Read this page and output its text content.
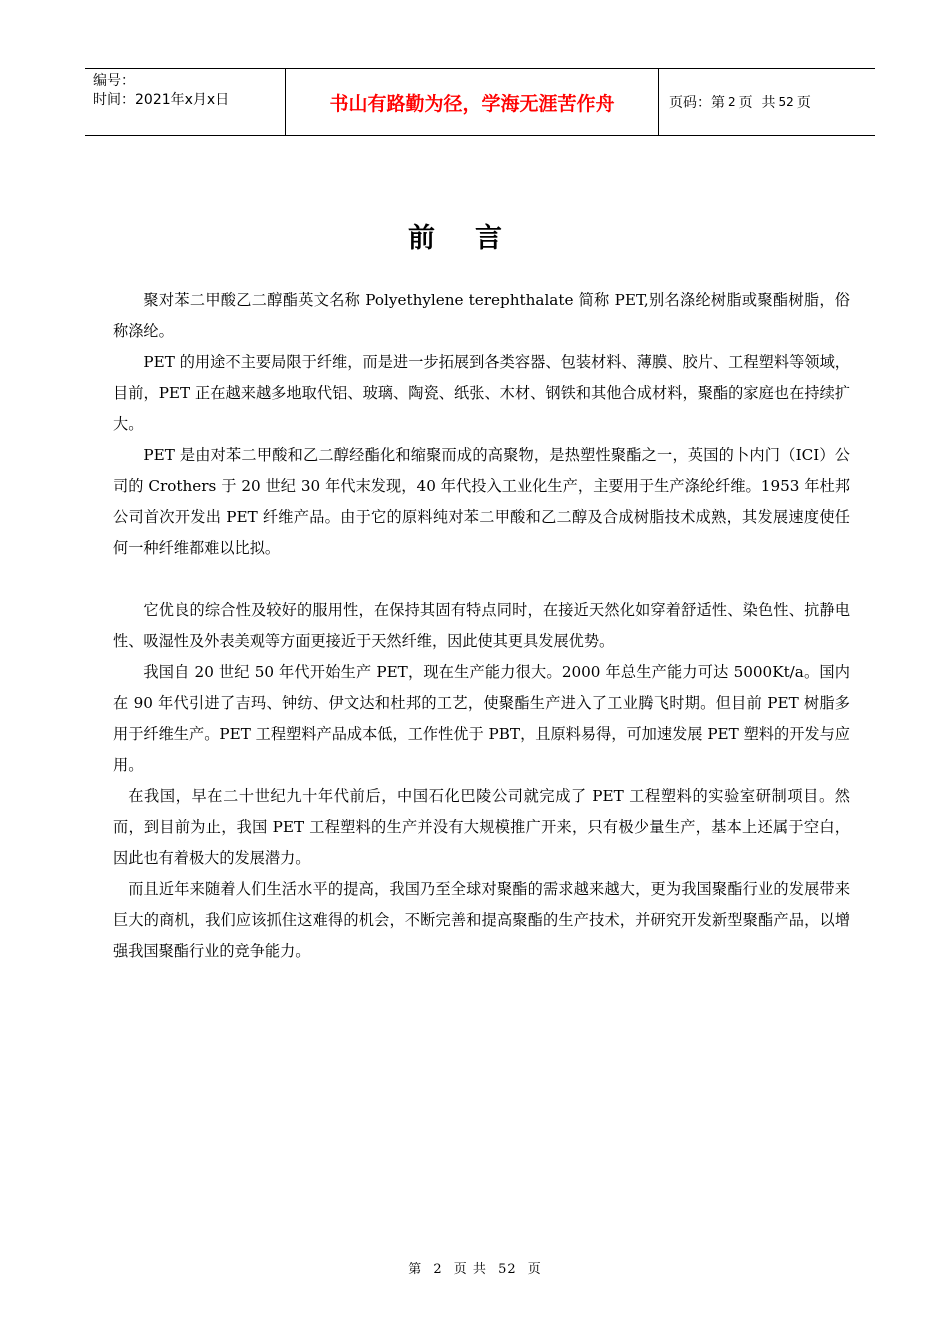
编号：
时间：2021年x月x日	书山有路勤为径，学海无涯苦作舟	页码：第 2 页  共 52 页
前言

聚对苯二甲酸乙二醇酯英文名称 Polyethylene terephthalate 简称 PET,别名涤纶树脂或聚酯树脂，俗称涤纶。

PET 的用途不主要局限于纤维，而是进一步拓展到各类容器、包装材料、薄膜、胶片、工程塑料等领域，目前，PET 正在越来越多地取代铝、玻璃、陶瓷、纸张、木材、钢铁和其他合成材料，聚酯的家庭也在持续扩大。

PET 是由对苯二甲酸和乙二醇经酯化和缩聚而成的高聚物，是热塑性聚酯之一，英国的卜内门（ICI）公司的 Crothers 于 20 世纪 30 年代末发现，40 年代投入工业化生产，主要用于生产涤纶纤维。1953 年杜邦公司首次开发出 PET 纤维产品。由于它的原料纯对苯二甲酸和乙二醇及合成树脂技术成熟，其发展速度使任何一种纤维都难以比拟。

它优良的综合性及较好的服用性，在保持其固有特点同时，在接近天然化如穿着舒适性、染色性、抗静电性、吸湿性及外表美观等方面更接近于天然纤维，因此使其更具发展优势。

我国自 20 世纪 50 年代开始生产 PET，现在生产能力很大。2000 年总生产能力可达 5000Kt/a。国内在 90 年代引进了吉玛、钟纺、伊文达和杜邦的工艺，使聚酯生产进入了工业腾飞时期。但目前 PET 树脂多用于纤维生产。PET 工程塑料产品成本低，工作性优于 PBT，且原料易得，可加速发展 PET 塑料的开发与应用。

在我国，早在二十世纪九十年代前后，中国石化巴陵公司就完成了 PET 工程塑料的实验室研制项目。然而，到目前为止，我国 PET 工程塑料的生产并没有大规模推广开来，只有极少量生产，基本上还属于空白，因此也有着极大的发展潜力。

而且近年来随着人们生活水平的提高，我国乃至全球对聚酯的需求越来越大，更为我国聚酯行业的发展带来巨大的商机，我们应该抓住这难得的机会，不断完善和提高聚酯的生产技术，并研究开发新型聚酯产品，以增强我国聚酯行业的竞争能力。

第 2 页 共 52 页
